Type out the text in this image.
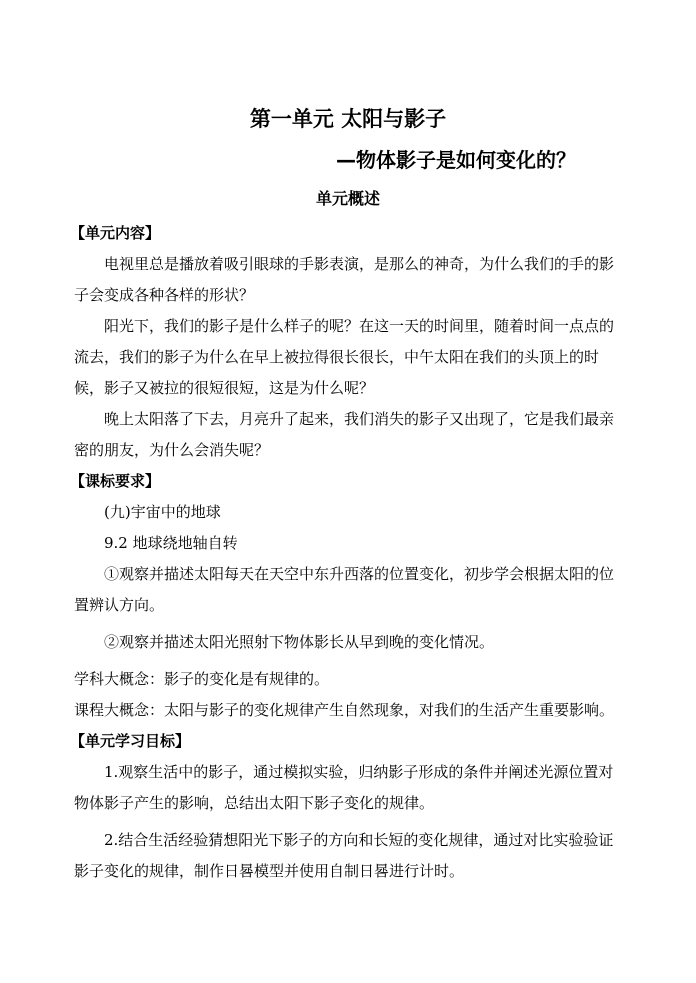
第一单元 太阳与影子
—物体影子是如何变化的？
单元概述

【单元内容】

电视里总是播放着吸引眼球的手影表演，是那么的神奇，为什么我们的手的影子会变成各种各样的形状？

阳光下，我们的影子是什么样子的呢？在这一天的时间里，随着时间一点点的流去，我们的影子为什么在早上被拉得很长很长，中午太阳在我们的头顶上的时候，影子又被拉的很短很短，这是为什么呢？

晚上太阳落了下去，月亮升了起来，我们消失的影子又出现了，它是我们最亲密的朋友，为什么会消失呢？

【课标要求】

(九)宇宙中的地球

9.2 地球绕地轴自转

①观察并描述太阳每天在天空中东升西落的位置变化，初步学会根据太阳的位置辨认方向。

②观察并描述太阳光照射下物体影长从早到晚的变化情况。

学科大概念：影子的变化是有规律的。

课程大概念：太阳与影子的变化规律产生自然现象，对我们的生活产生重要影响。

【单元学习目标】

1.观察生活中的影子，通过模拟实验，归纳影子形成的条件并阐述光源位置对物体影子产生的影响，总结出太阳下影子变化的规律。

2.结合生活经验猜想阳光下影子的方向和长短的变化规律，通过对比实验验证影子变化的规律，制作日晷模型并使用自制日晷进行计时。
